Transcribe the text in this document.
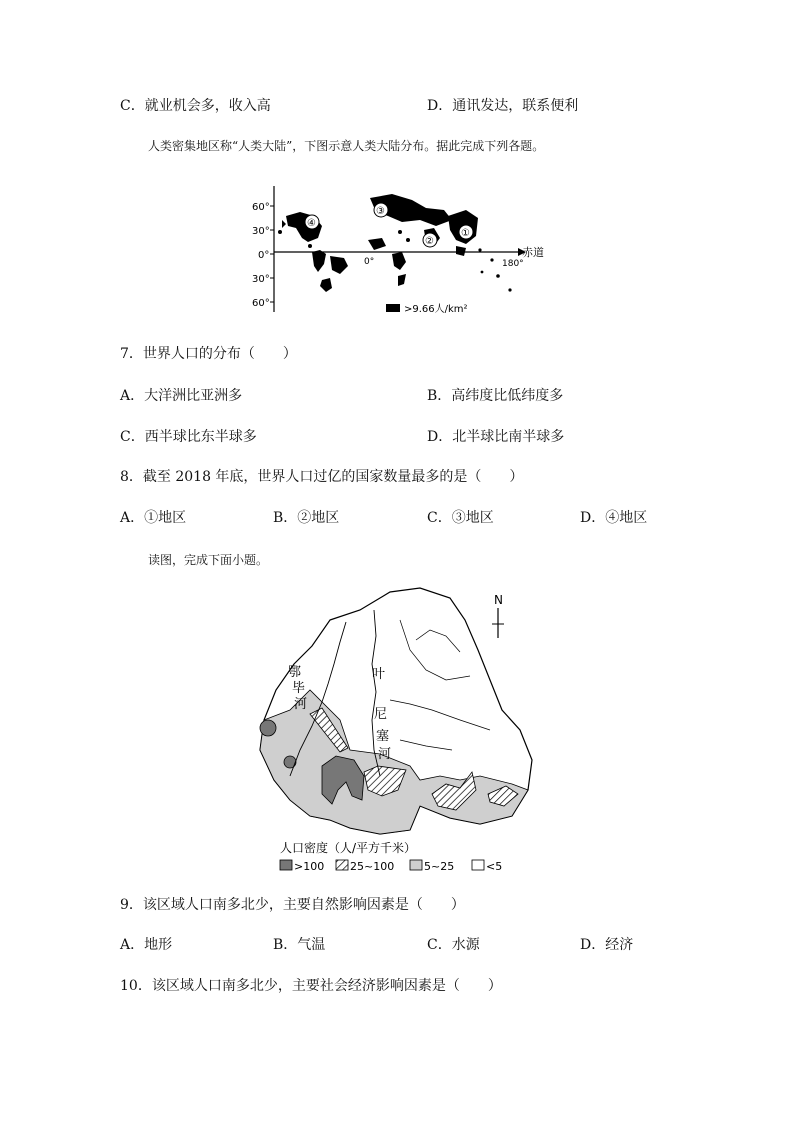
C．就业机会多，收入高	D．通讯发达，联系便利
人类密集地区称“人类大陆”，下图示意人类大陆分布。据此完成下列各题。
60°
30°
0°
30°
60°
赤道
0°	180°
①
②
③
④
>9.66人/km²
7．世界人口的分布（　　）
A．大洋洲比亚洲多	B．高纬度比低纬度多
C．西半球比东半球多	D．北半球比南半球多
8．截至 2018 年底，世界人口过亿的国家数量最多的是（　　）
A．①地区	B．②地区	C．③地区	D．④地区
读图，完成下面小题。
N
鄂
毕
河
叶
尼
塞
河
人口密度（人/平方千米）
>100 25~100	5~25	<5
9．该区域人口南多北少，主要自然影响因素是（　　）
A．地形	B．气温	C．水源	D．经济
10．该区域人口南多北少，主要社会经济影响因素是（　　）
